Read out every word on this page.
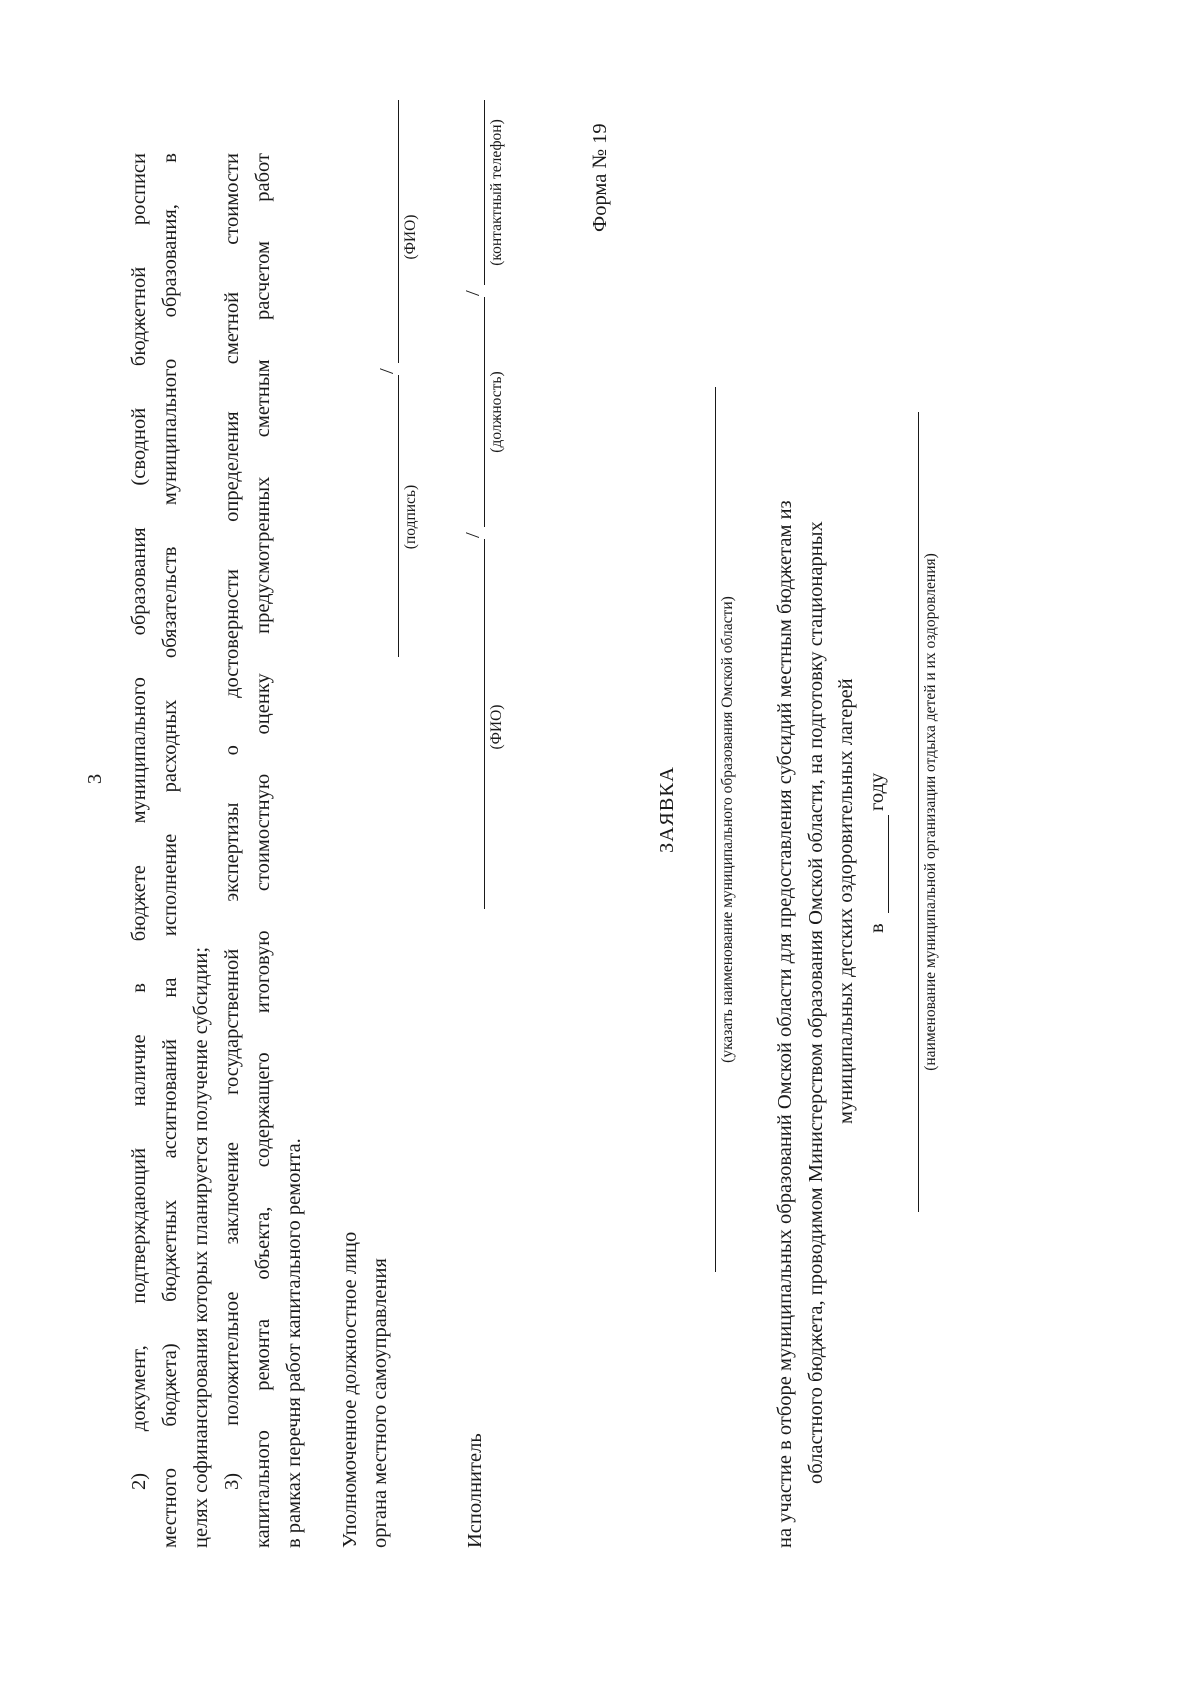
3 2) документ, подтверждающий наличие в бюджете муниципального образования (сводной бюджетной росписи местного бюджета) бюджетных ассигнований на исполнение расходных обязательств муниципального образования, в целях софинансирования которых планируется получение субсидии; 3) положительное заключение государственной экспертизы о достоверности определения сметной стоимости капитального ремонта объекта, содержащего итоговую стоимостную оценку предусмотренных сметным расчетом работ в рамках перечня работ капитального ремонта. Уполномоченное должностное лицо органа местного самоуправления
/
(подпись)
(ФИО)
Исполнитель
/
/
(ФИО)
(должность)
(контактный телефон)	Форма № 19
ЗАЯВКА	(указать наименование муниципального образования Омской области) на участие в отборе муниципальных образований Омской области для предоставления субсидий местным бюджетам из областного бюджета, проводимом Министерством образования Омской области, на подготовку стационарных муниципальных детских оздоровительных лагерей в
году (наименование муниципальной организации отдыха детей и их оздоровления)
